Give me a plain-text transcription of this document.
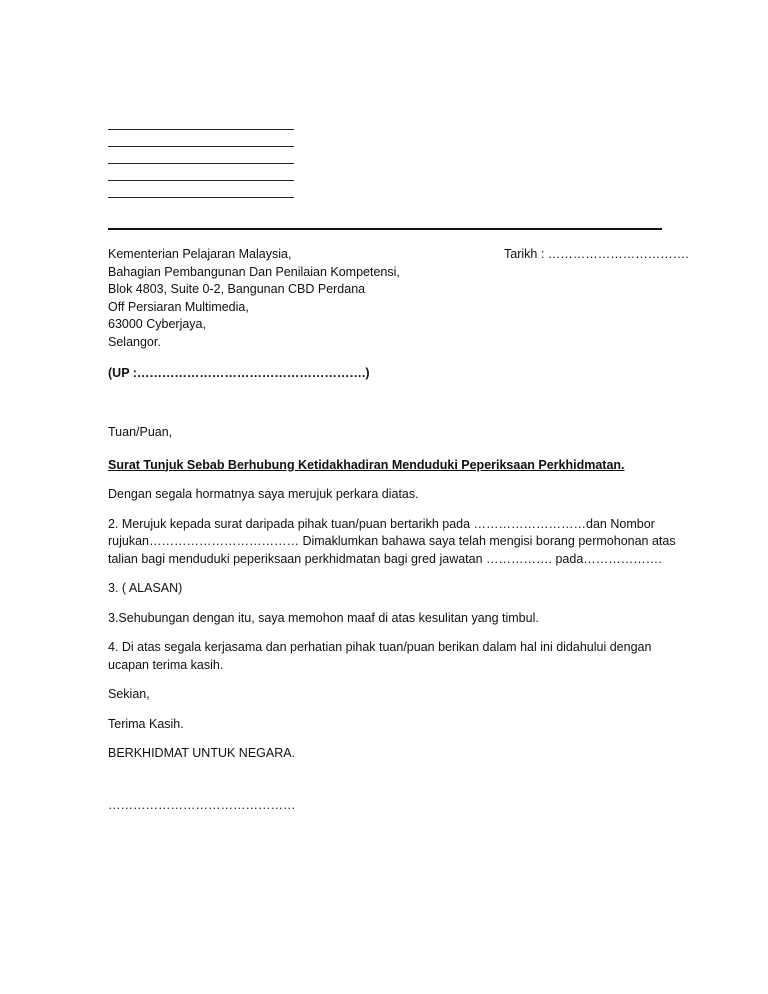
Kementerian Pelajaran Malaysia,
Bahagian Pembangunan Dan Penilaian Kompetensi,
Blok 4803, Suite 0-2, Bangunan CBD Perdana
Off Persiaran Multimedia,
63000 Cyberjaya,
Selangor.
Tarikh : …………………………….
(UP :……………………………………………….)

Tuan/Puan,

Surat Tunjuk Sebab Berhubung Ketidakhadiran Menduduki Peperiksaan Perkhidmatan.

Dengan segala hormatnya saya merujuk perkara diatas.

2. Merujuk kepada surat daripada pihak tuan/puan bertarikh pada ………………………dan Nombor

rujukan……………………………… Dimaklumkan bahawa saya telah mengisi borang permohonan atas

talian bagi menduduki peperiksaan perkhidmatan bagi gred jawatan ……………. pada……………….

3. ( ALASAN)

3.Sehubungan dengan itu, saya memohon maaf di atas kesulitan yang timbul.

4. Di atas segala kerjasama dan perhatian pihak tuan/puan berikan dalam hal ini didahului dengan

ucapan terima kasih.

Sekian,

Terima Kasih.

BERKHIDMAT UNTUK NEGARA.

………………………………………
